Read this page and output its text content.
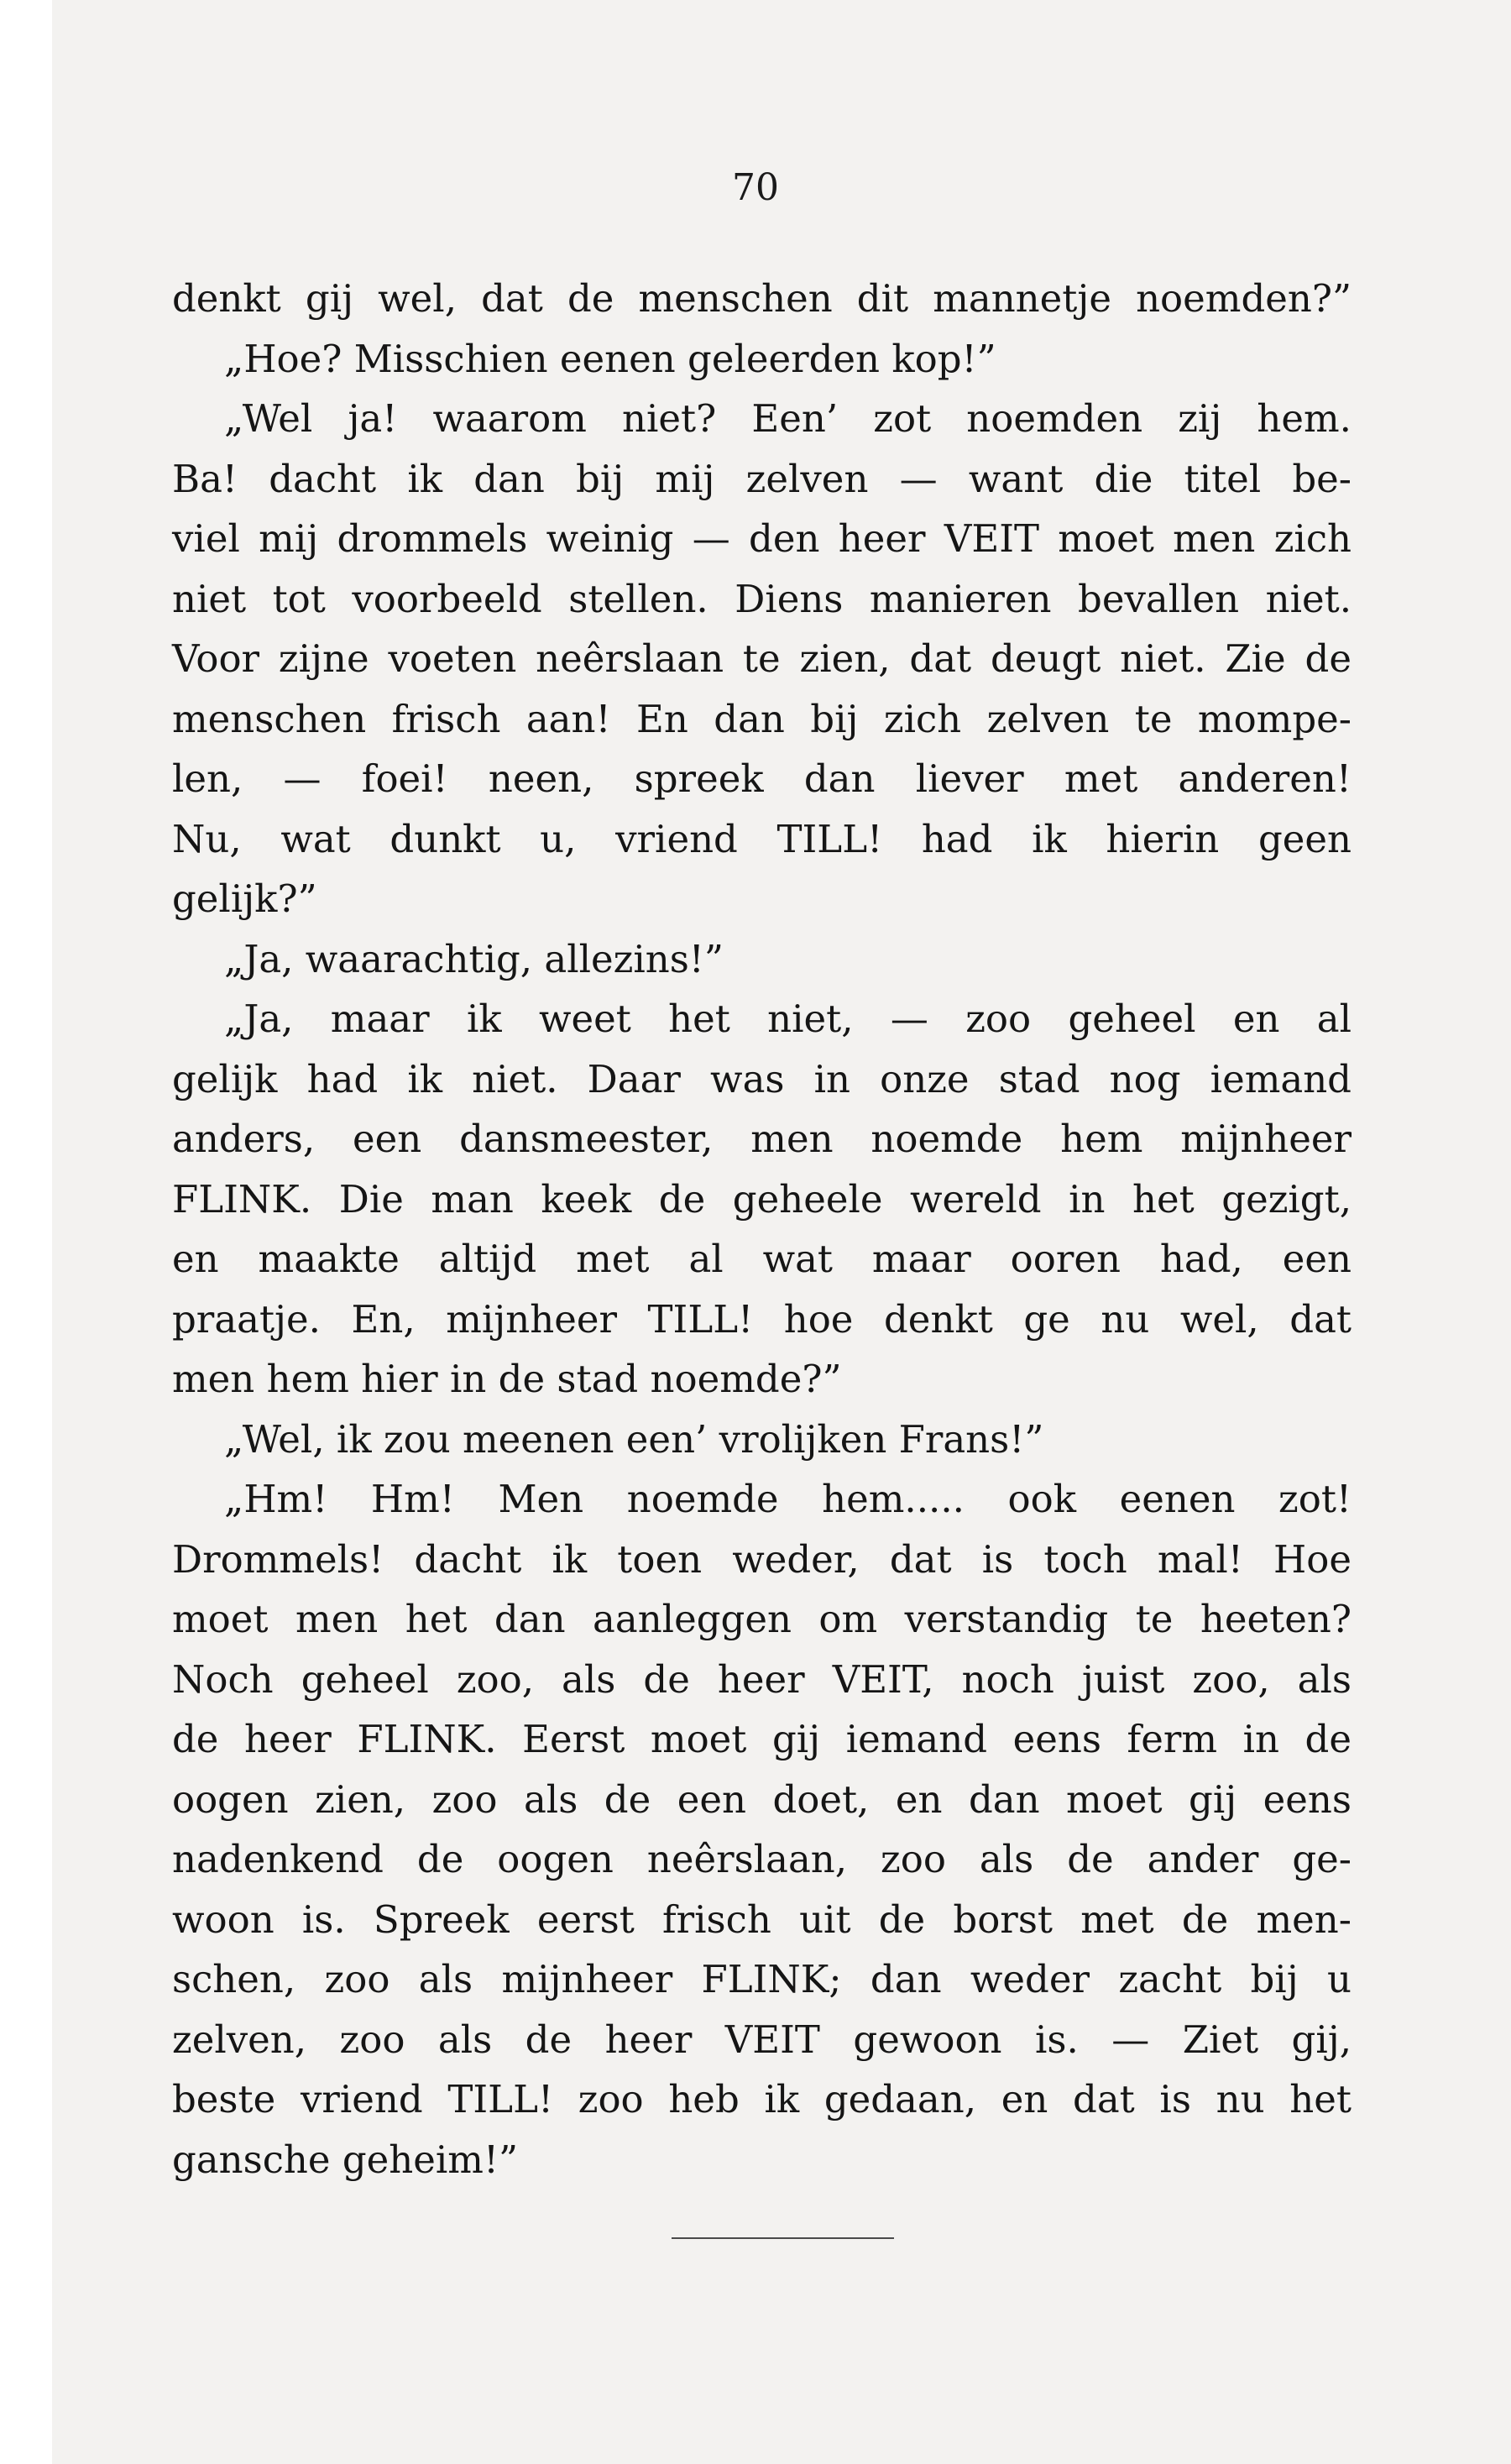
70
denkt gij wel, dat de menschen dit mannetje noemden?”
„Hoe? Misschien eenen geleerden kop!”
„Wel ja! waarom niet? Een’ zot noemden zij hem.
Ba! dacht ik dan bij mij zelven — want die titel be-
viel mij drommels weinig — den heer VEIT moet men zich
niet tot voorbeeld stellen. Diens manieren bevallen niet.
Voor zijne voeten neêrslaan te zien, dat deugt niet. Zie de
menschen frisch aan! En dan bij zich zelven te mompe-
len, — foei! neen, spreek dan liever met anderen!
Nu, wat dunkt u, vriend TILL! had ik hierin geen
gelijk?”
„Ja, waarachtig, allezins!”
„Ja, maar ik weet het niet, — zoo geheel en al
gelijk had ik niet. Daar was in onze stad nog iemand
anders, een dansmeester, men noemde hem mijnheer
FLINK. Die man keek de geheele wereld in het gezigt,
en maakte altijd met al wat maar ooren had, een
praatje. En, mijnheer TILL! hoe denkt ge nu wel, dat
men hem hier in de stad noemde?”
„Wel, ik zou meenen een’ vrolijken Frans!”
„Hm! Hm! Men noemde hem..... ook eenen zot!
Drommels! dacht ik toen weder, dat is toch mal! Hoe
moet men het dan aanleggen om verstandig te heeten?
Noch geheel zoo, als de heer VEIT, noch juist zoo, als
de heer FLINK. Eerst moet gij iemand eens ferm in de
oogen zien, zoo als de een doet, en dan moet gij eens
nadenkend de oogen neêrslaan, zoo als de ander ge-
woon is. Spreek eerst frisch uit de borst met de men-
schen, zoo als mijnheer FLINK; dan weder zacht bij u
zelven, zoo als de heer VEIT gewoon is. — Ziet gij,
beste vriend TILL! zoo heb ik gedaan, en dat is nu het
gansche geheim!”
